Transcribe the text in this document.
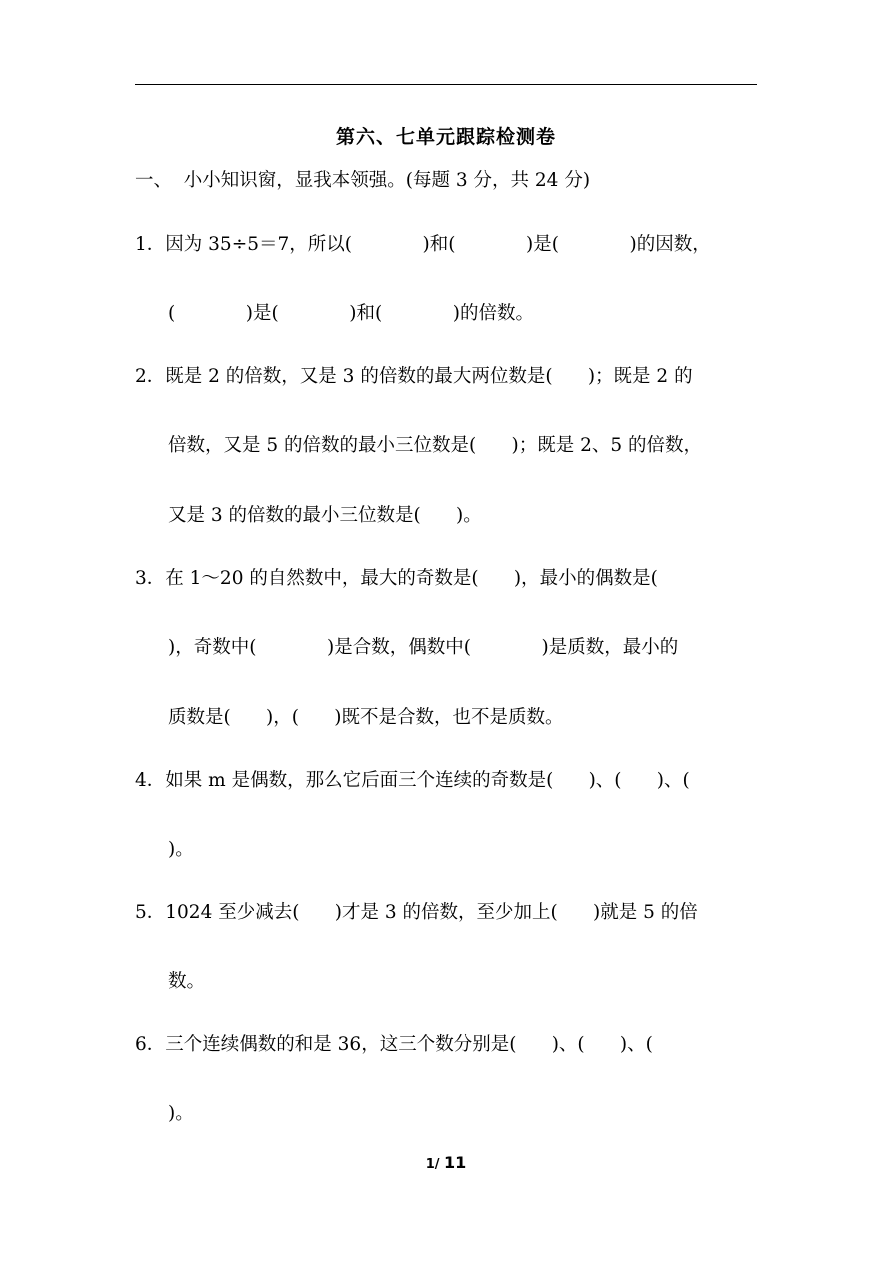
第六、七单元跟踪检测卷
一、  小小知识窗，显我本领强。(每题 3 分，共 24 分)
1．因为 35÷5＝7，所以(            )和(            )是(            )的因数，
(            )是(            )和(            )的倍数。
2．既是 2 的倍数，又是 3 的倍数的最大两位数是(      )；既是 2 的
倍数，又是 5 的倍数的最小三位数是(      )；既是 2、5 的倍数，
又是 3 的倍数的最小三位数是(      )。
3．在 1～20 的自然数中，最大的奇数是(      )，最小的偶数是(
)，奇数中(            )是合数，偶数中(            )是质数，最小的
质数是(      )，(      )既不是合数，也不是质数。
4．如果 m 是偶数，那么它后面三个连续的奇数是(      )、(      )、(
)。
5．1024 至少减去(      )才是 3 的倍数，至少加上(      )就是 5 的倍
数。
6．三个连续偶数的和是 36，这三个数分别是(      )、(      )、(
)。
1/ 11
